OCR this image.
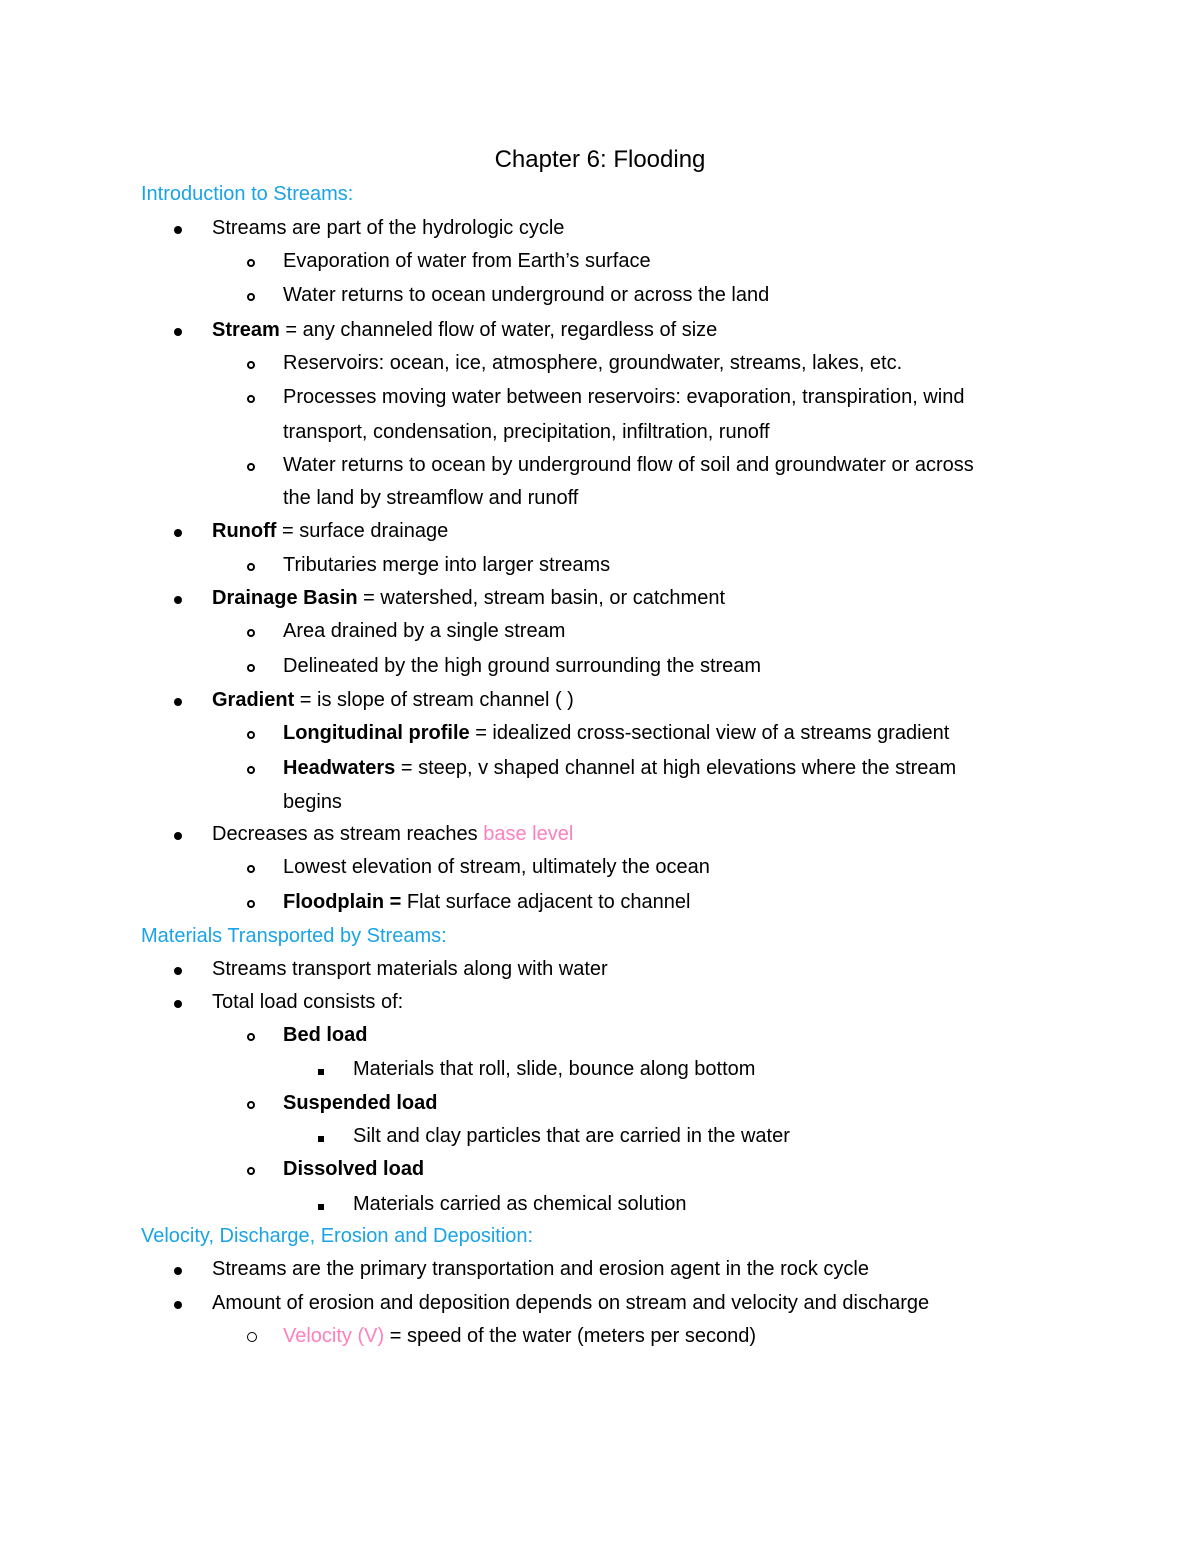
Chapter 6: Flooding
Introduction to Streams:
Streams are part of the hydrologic cycle
Evaporation of water from Earth’s surface
Water returns to ocean underground or across the land
Stream = any channeled flow of water, regardless of size
Reservoirs: ocean, ice, atmosphere, groundwater, streams, lakes, etc.
Processes moving water between reservoirs: evaporation, transpiration, wind
transport, condensation, precipitation, infiltration, runoff
Water returns to ocean by underground flow of soil and groundwater or across
the land by streamflow and runoff
Runoff = surface drainage
Tributaries merge into larger streams
Drainage Basin = watershed, stream basin, or catchment
Area drained by a single stream
Delineated by the high ground surrounding the stream
Gradient = is slope of stream channel ( )
Longitudinal profile = idealized cross-sectional view of a streams gradient
Headwaters = steep, v shaped channel at high elevations where the stream
begins
Decreases as stream reaches base level
Lowest elevation of stream, ultimately the ocean
Floodplain = Flat surface adjacent to channel
Materials Transported by Streams:
Streams transport materials along with water
Total load consists of:
Bed load
Materials that roll, slide, bounce along bottom
Suspended load
Silt and clay particles that are carried in the water
Dissolved load
Materials carried as chemical solution
Velocity, Discharge, Erosion and Deposition:
Streams are the primary transportation and erosion agent in the rock cycle
Amount of erosion and deposition depends on stream and velocity and discharge
Velocity (V) = speed of the water (meters per second)
